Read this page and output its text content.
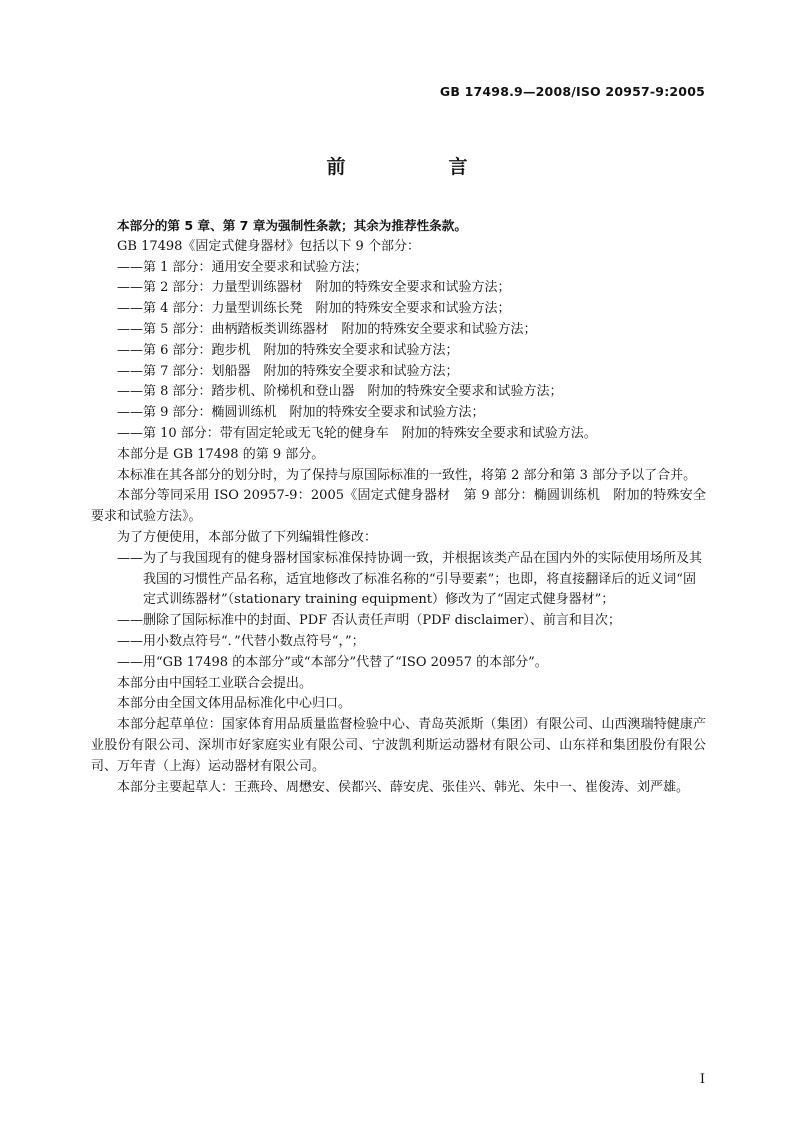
GB 17498.9—2008/ISO 20957-9:2005
前　言

本部分的第 5 章、第 7 章为强制性条款；其余为推荐性条款。

GB 17498《固定式健身器材》包括以下 9 个部分：

——第 1 部分：通用安全要求和试验方法；

——第 2 部分：力量型训练器材　附加的特殊安全要求和试验方法；

——第 4 部分：力量型训练长凳　附加的特殊安全要求和试验方法；

——第 5 部分：曲柄踏板类训练器材　附加的特殊安全要求和试验方法；

——第 6 部分：跑步机　附加的特殊安全要求和试验方法；

——第 7 部分：划船器　附加的特殊安全要求和试验方法；

——第 8 部分：踏步机、阶梯机和登山器　附加的特殊安全要求和试验方法；

——第 9 部分：椭圆训练机　附加的特殊安全要求和试验方法；

——第 10 部分：带有固定轮或无飞轮的健身车　附加的特殊安全要求和试验方法。

本部分是 GB 17498 的第 9 部分。

本标准在其各部分的划分时，为了保持与原国际标准的一致性，将第 2 部分和第 3 部分予以了合并。

本部分等同采用 ISO 20957-9：2005《固定式健身器材　第 9 部分：椭圆训练机　附加的特殊安全要求和试验方法》。

为了方便使用，本部分做了下列编辑性修改：

——为了与我国现有的健身器材国家标准保持协调一致，并根据该类产品在国内外的实际使用场所及其我国的习惯性产品名称，适宜地修改了标准名称的“引导要素”；也即，将直接翻译后的近义词“固定式训练器材”（stationary training equipment）修改为了“固定式健身器材”；

——删除了国际标准中的封面、PDF 否认责任声明（PDF disclaimer）、前言和目次；

——用小数点符号“．”代替小数点符号“，”；

——用“GB 17498 的本部分”或“本部分”代替了“ISO 20957 的本部分”。

本部分由中国轻工业联合会提出。

本部分由全国文体用品标准化中心归口。

本部分起草单位：国家体育用品质量监督检验中心、青岛英派斯（集团）有限公司、山西澳瑞特健康产业股份有限公司、深圳市好家庭实业有限公司、宁波凯利斯运动器材有限公司、山东祥和集团股份有限公司、万年青（上海）运动器材有限公司。

本部分主要起草人：王燕玲、周懋安、侯都兴、薛安虎、张佳兴、韩光、朱中一、崔俊涛、刘严雄。

I
